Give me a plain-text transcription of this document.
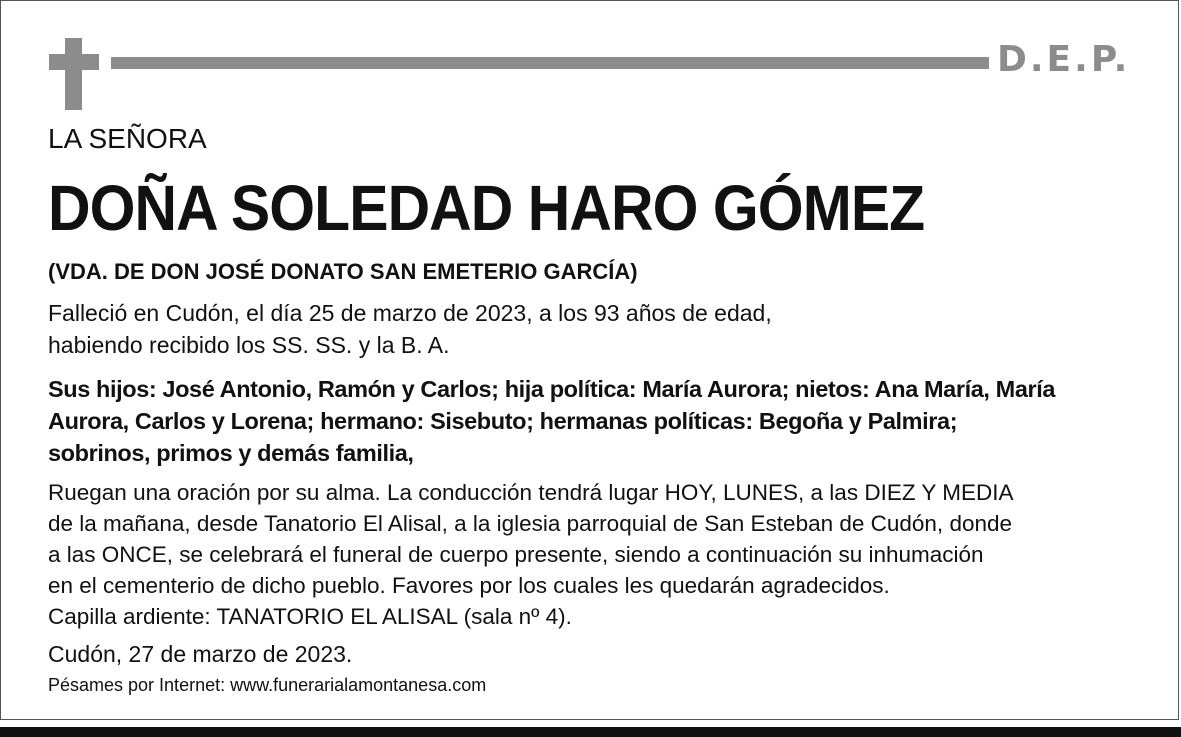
D.E.P.
LA SEÑORA
DOÑA SOLEDAD HARO GÓMEZ
(VDA. DE DON JOSÉ DONATO SAN EMETERIO GARCÍA)
Falleció en Cudón, el día 25 de marzo de 2023, a los 93 años de edad,
habiendo recibido los SS. SS. y la B. A.
Sus hijos: José Antonio, Ramón y Carlos; hija política: María Aurora; nietos: Ana María, María
Aurora, Carlos y Lorena; hermano: Sisebuto; hermanas políticas: Begoña y Palmira;
sobrinos, primos y demás familia,
Ruegan una oración por su alma. La conducción tendrá lugar HOY, LUNES, a las DIEZ Y MEDIA
de la mañana, desde Tanatorio El Alisal, a la iglesia parroquial de San Esteban de Cudón, donde
a las ONCE, se celebrará el funeral de cuerpo presente, siendo a continuación su inhumación
en el cementerio de dicho pueblo. Favores por los cuales les quedarán agradecidos.
Capilla ardiente: TANATORIO EL ALISAL (sala nº 4).
Cudón, 27 de marzo de 2023.
Pésames por Internet: www.funerarialamontanesa.com
